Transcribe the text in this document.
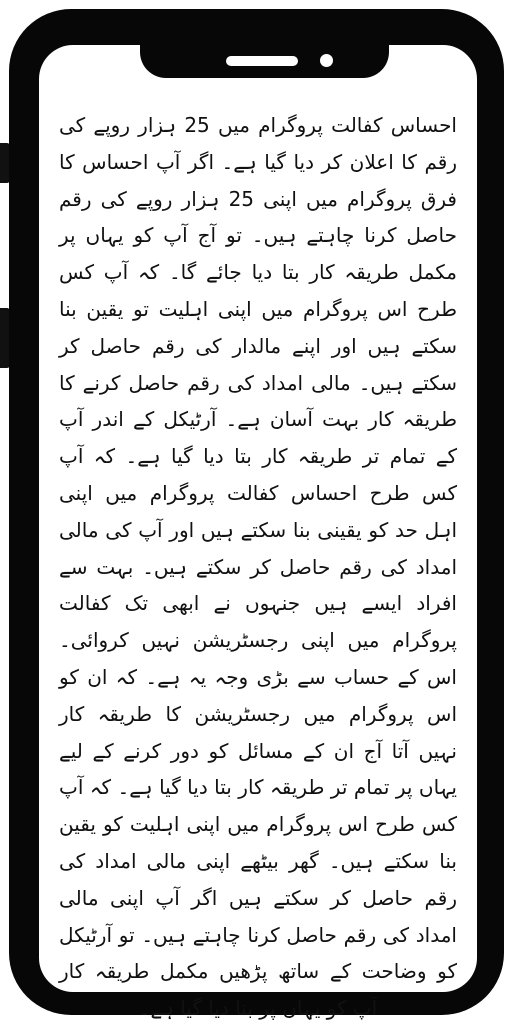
احساس کفالت پروگرام میں 25 ہزار روپے کی رقم کا اعلان کر دیا گیا ہے۔ اگر آپ احساس کا فرق پروگرام میں اپنی 25 ہزار روپے کی رقم حاصل کرنا چاہتے ہیں۔ تو آج آپ کو یہاں پر مکمل طریقہ کار بتا دیا جائے گا۔ کہ آپ کس طرح اس پروگرام میں اپنی اہلیت تو یقین بنا سکتے ہیں اور اپنے مالدار کی رقم حاصل کر سکتے ہیں۔ مالی امداد کی رقم حاصل کرنے کا طریقہ کار بہت آسان ہے۔ آرٹیکل کے اندر آپ کے تمام تر طریقہ کار بتا دیا گیا ہے۔ کہ آپ کس طرح احساس کفالت پروگرام میں اپنی اہل حد کو یقینی بنا سکتے ہیں اور آپ کی مالی امداد کی رقم حاصل کر سکتے ہیں۔ بہت سے افراد ایسے ہیں جنہوں نے ابھی تک کفالت پروگرام میں اپنی رجسٹریشن نہیں کروائی۔ اس کے حساب سے بڑی وجہ یہ ہے۔ کہ ان کو اس پروگرام میں رجسٹریشن کا طریقہ کار نہیں آتا آج ان کے مسائل کو دور کرنے کے لیے یہاں پر تمام تر طریقہ کار بتا دیا گیا ہے۔ کہ آپ کس طرح اس پروگرام میں اپنی اہلیت کو یقین بنا سکتے ہیں۔ گھر بیٹھے اپنی مالی امداد کی رقم حاصل کر سکتے ہیں اگر آپ اپنی مالی امداد کی رقم حاصل کرنا چاہتے ہیں۔ تو آرٹیکل کو وضاحت کے ساتھ پڑھیں مکمل طریقہ کار آپ کو یہاں پر بتا دیا گیا ہے۔
